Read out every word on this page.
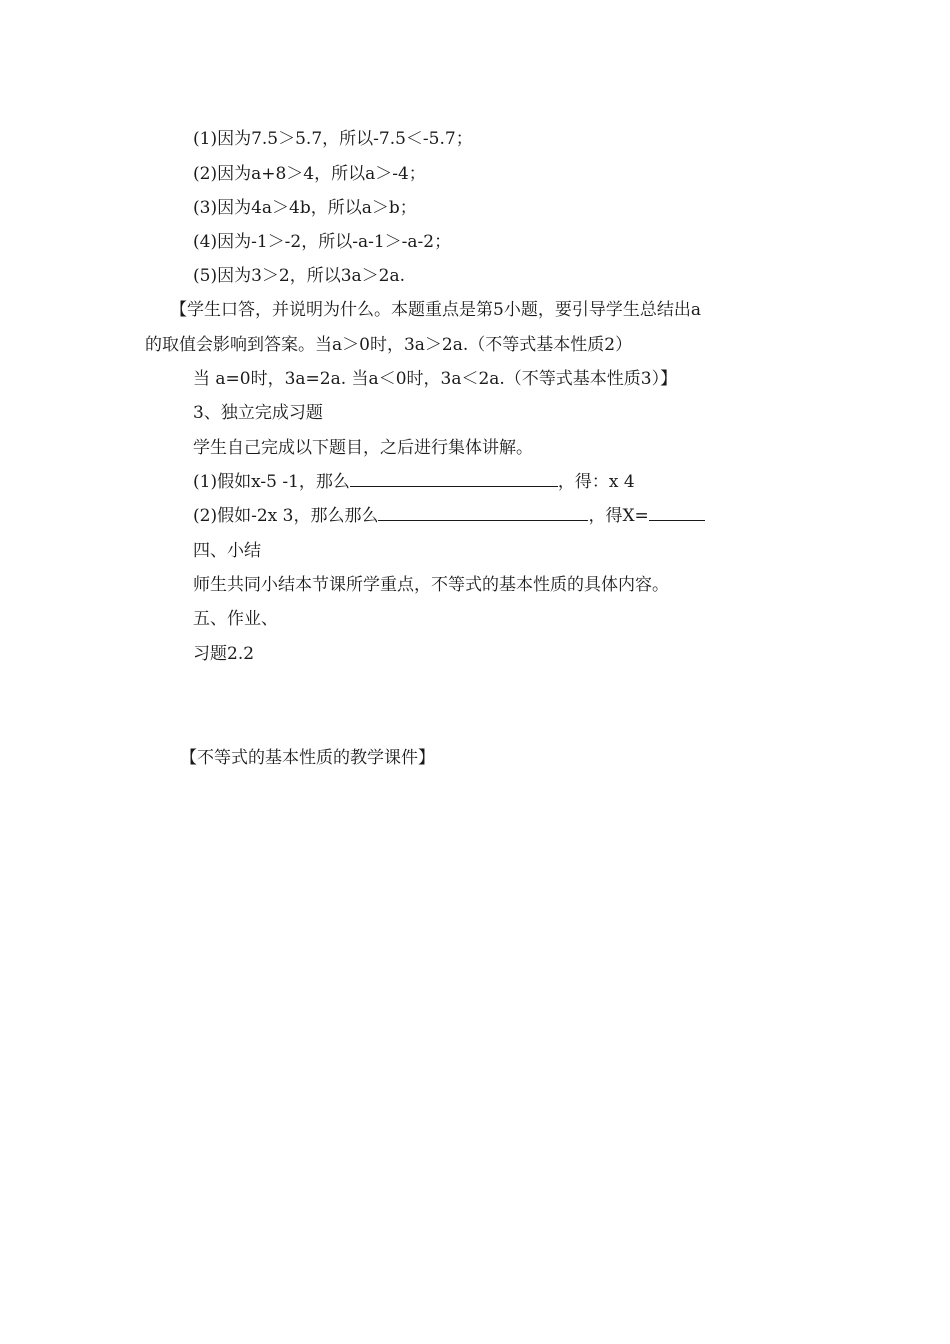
(1)因为7.5＞5.7，所以-7.5＜-5.7；
(2)因为a+8＞4，所以a＞-4；
(3)因为4a＞4b，所以a＞b；
(4)因为-1＞-2，所以-a-1＞-a-2；
(5)因为3＞2，所以3a＞2a.
【学生口答，并说明为什么。本题重点是第5小题，要引导学生总结出a
的取值会影响到答案。当a＞0时，3a＞2a.（不等式基本性质2）
当 a=0时，3a=2a. 当a＜0时，3a＜2a.（不等式基本性质3）】
3、独立完成习题
学生自己完成以下题目，之后进行集体讲解。
(1)假如x-5 -1，那么	，得：x 4
(2)假如-2x 3，那么那么	，得X=
四、小结
师生共同小结本节课所学重点，不等式的基本性质的具体内容。
五、作业、
习题2.2
【不等式的基本性质的教学课件】
